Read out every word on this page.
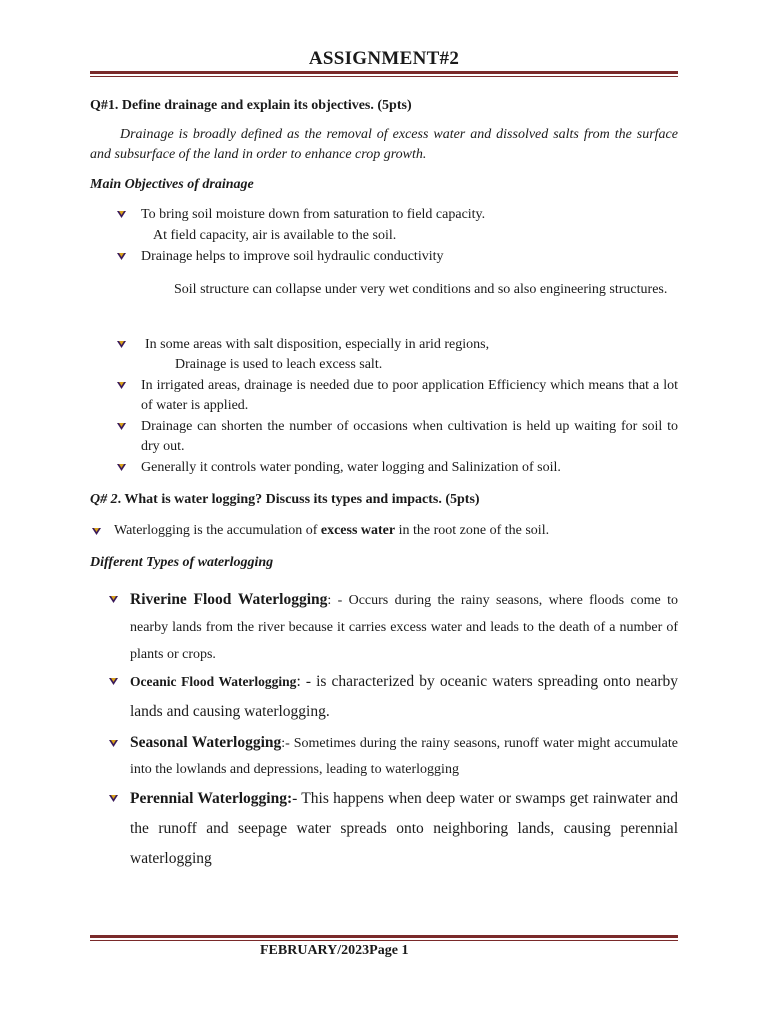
ASSIGNMENT#2
Q#1. Define drainage and explain its objectives. (5pts)
Drainage is broadly defined as the removal of excess water and dissolved salts from the surface and subsurface of the land in order to enhance crop growth.
Main Objectives of drainage
To bring soil moisture down from saturation to field capacity.
At field capacity, air is available to the soil.
Drainage helps to improve soil hydraulic conductivity
Soil structure can collapse under very wet conditions and so also engineering structures.
In some areas with salt disposition, especially in arid regions,
Drainage is used to leach excess salt.
In irrigated areas, drainage is needed due to poor application Efficiency which means that a lot of water is applied.
Drainage can shorten the number of occasions when cultivation is held up waiting for soil to dry out.
Generally it controls water ponding, water logging and Salinization of soil.
Q# 2. What is water logging? Discuss its types and impacts. (5pts)
Waterlogging is the accumulation of excess water in the root zone of the soil.
Different Types of waterlogging
Riverine Flood Waterlogging: - Occurs during the rainy seasons, where floods come to nearby lands from the river because it carries excess water and leads to the death of a number of plants or crops.
Oceanic Flood Waterlogging: - is characterized by oceanic waters spreading onto nearby lands and causing waterlogging.
Seasonal Waterlogging:- Sometimes during the rainy seasons, runoff water might accumulate into the lowlands and depressions, leading to waterlogging
Perennial Waterlogging:- This happens when deep water or swamps get rainwater and the runoff and seepage water spreads onto neighboring lands, causing perennial waterlogging
FEBRUARY/2023Page 1
